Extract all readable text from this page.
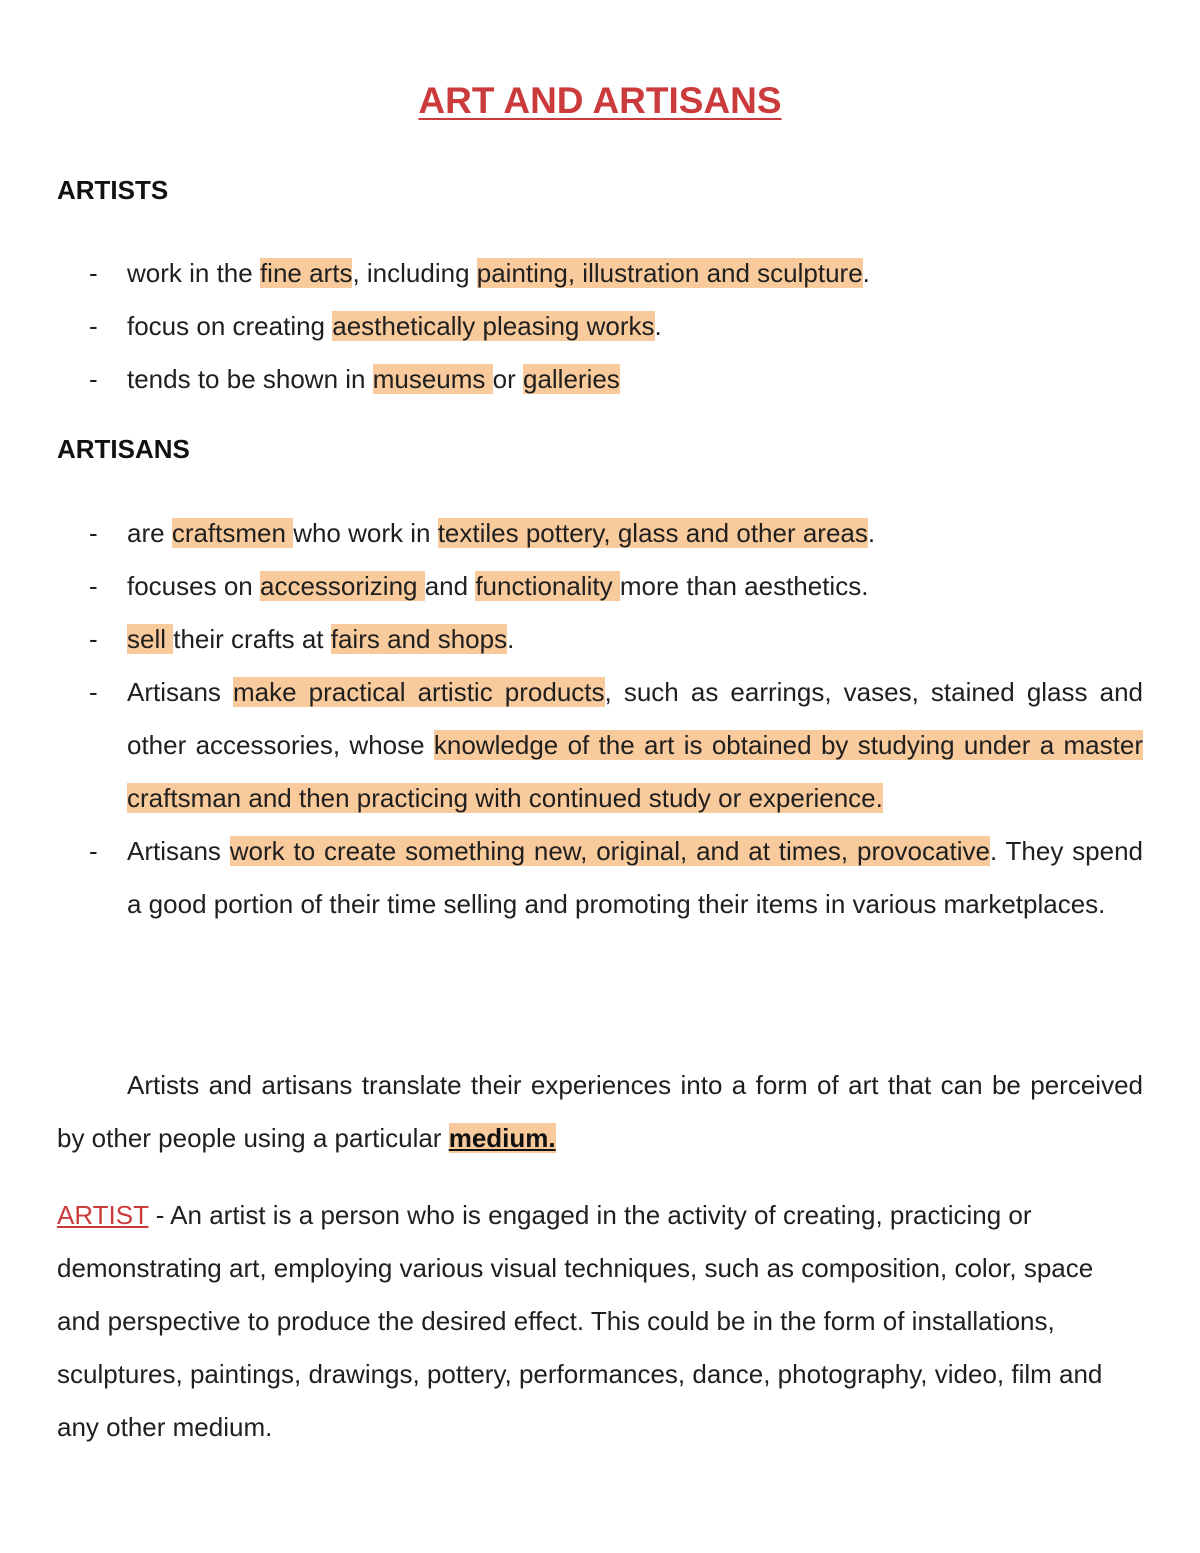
ART AND ARTISANS
ARTISTS
- work in the fine arts, including painting, illustration and sculpture.
- focus on creating aesthetically pleasing works.
- tends to be shown in museums or galleries
ARTISANS
- are craftsmen who work in textiles pottery, glass and other areas.
- focuses on accessorizing and functionality more than aesthetics.
- sell their crafts at fairs and shops.
- Artisans make practical artistic products, such as earrings, vases, stained glass and other accessories, whose knowledge of the art is obtained by studying under a master craftsman and then practicing with continued study or experience.
- Artisans work to create something new, original, and at times, provocative. They spend a good portion of their time selling and promoting their items in various marketplaces.

Artists and artisans translate their experiences into a form of art that can be perceived by other people using a particular medium.

ARTIST - An artist is a person who is engaged in the activity of creating, practicing or demonstrating art, employing various visual techniques, such as composition, color, space and perspective to produce the desired effect. This could be in the form of installations, sculptures, paintings, drawings, pottery, performances, dance, photography, video, film and any other medium.
